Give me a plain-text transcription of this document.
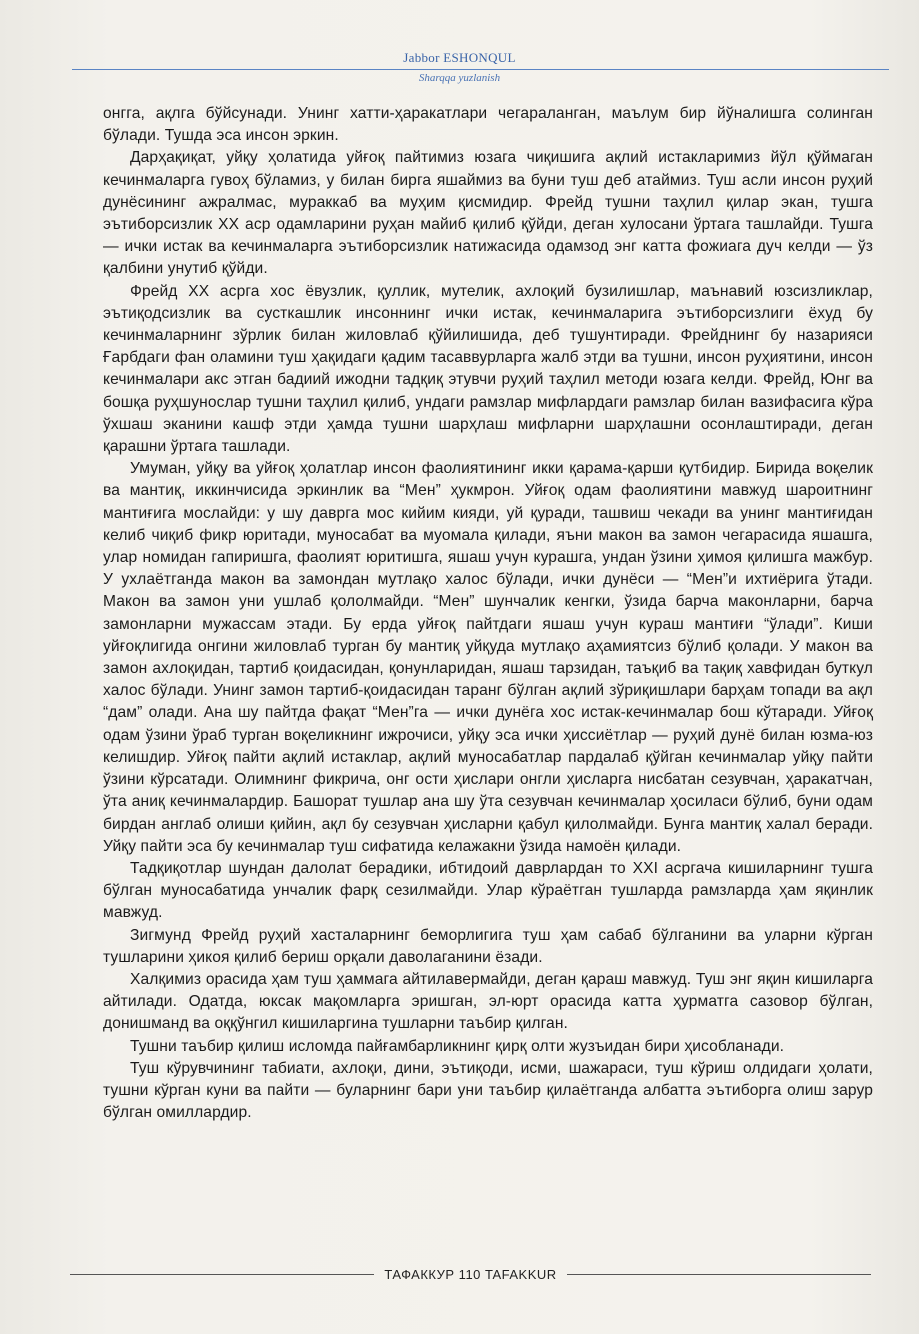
Jabbor ESHONQUL
Sharqqa yuzlanish

онгга, ақлга бўйсунади. Унинг хатти-ҳаракатлари чегараланган, маълум бир йўналишга солинган бўлади. Тушда эса инсон эркин.

Дарҳақиқат, уйқу ҳолатида уйғоқ пайтимиз юзага чиқишига ақлий истакларимиз йўл қўймаган кечинмаларга гувоҳ бўламиз, у билан бирга яшаймиз ва буни туш деб атаймиз. Туш асли инсон руҳий дунёсининг ажралмас, мураккаб ва муҳим қисмидир. Фрейд тушни таҳлил қилар экан, тушга эътиборсизлик XX аср одамларини руҳан майиб қилиб қўйди, деган хулосани ўртага ташлайди. Тушга — ички истак ва кечинмаларга эътиборсизлик натижасида одамзод энг катта фожиага дуч келди — ўз қалбини унутиб қўйди.

Фрейд XX асрга хос ёвузлик, қуллик, мутелик, ахлоқий бузилишлар, маънавий юзсизликлар, эътиқодсизлик ва сусткашлик инсоннинг ички истак, кечинмаларига эътиборсизлиги ёхуд бу кечинмаларнинг зўрлик билан жиловлаб қўйилишида, деб тушунтиради. Фрейднинг бу назарияси Ғарбдаги фан оламини туш ҳақидаги қадим тасаввурларга жалб этди ва тушни, инсон руҳиятини, инсон кечинмалари акс этган бадиий ижодни тадқиқ этувчи руҳий таҳлил методи юзага келди. Фрейд, Юнг ва бошқа руҳшунослар тушни таҳлил қилиб, ундаги рамзлар мифлардаги рамзлар билан вазифасига кўра ўхшаш эканини кашф этди ҳамда тушни шарҳлаш мифларни шарҳлашни осонлаштиради, деган қарашни ўртага ташлади.

Умуман, уйқу ва уйғоқ ҳолатлар инсон фаолиятининг икки қарама-қарши қутбидир. Бирида воқелик ва мантиқ, иккинчисида эркинлик ва “Мен” ҳукмрон. Уйғоқ одам фаолиятини мавжуд шароитнинг мантиғига мослайди: у шу даврга мос кийим кияди, уй қуради, ташвиш чекади ва унинг мантиғидан келиб чиқиб фикр юритади, муносабат ва муомала қилади, яъни макон ва замон чегарасида яшашга, улар номидан гапиришга, фаолият юритишга, яшаш учун курашга, ундан ўзини ҳимоя қилишга мажбур. У ухлаётганда макон ва замондан мутлақо халос бўлади, ички дунёси — “Мен”и ихтиёрига ўтади. Макон ва замон уни ушлаб қололмайди. “Мен” шунчалик кенгки, ўзида барча маконларни, барча замонларни мужассам этади. Бу ерда уйғоқ пайтдаги яшаш учун кураш мантиғи “ўлади”. Киши уйғоқлигида онгини жиловлаб турган бу мантиқ уйқуда мутлақо аҳамиятсиз бўлиб қолади. У макон ва замон ахлоқидан, тартиб қоидасидан, қонунларидан, яшаш тарзидан, таъқиб ва тақиқ хавфидан буткул халос бўлади. Унинг замон тартиб-қоидасидан таранг бўлган ақлий зўриқишлари барҳам топади ва ақл “дам” олади. Ана шу пайтда фақат “Мен”га — ички дунёга хос истак-кечинмалар бош кўтаради. Уйғоқ одам ўзини ўраб турган воқеликнинг ижрочиси, уйқу эса ички ҳиссиётлар — руҳий дунё билан юзма-юз келишдир. Уйғоқ пайти ақлий истаклар, ақлий муносабатлар пардалаб қўйган кечинмалар уйқу пайти ўзини кўрсатади. Олимнинг фикрича, онг ости ҳислари онгли ҳисларга нисбатан сезувчан, ҳаракатчан, ўта аниқ кечинмалардир. Башорат тушлар ана шу ўта сезувчан кечинмалар ҳосиласи бўлиб, буни одам бирдан англаб олиши қийин, ақл бу сезувчан ҳисларни қабул қилолмайди. Бунга мантиқ халал беради. Уйқу пайти эса бу кечинмалар туш сифатида келажакни ўзида намоён қилади.

Тадқиқотлар шундан далолат берадики, ибтидоий даврлардан то XXI асргача кишиларнинг тушга бўлган муносабатида унчалик фарқ сезилмайди. Улар кўраётган тушларда рамзларда ҳам яқинлик мавжуд.

Зигмунд Фрейд руҳий хасталарнинг беморлигига туш ҳам сабаб бўлганини ва уларни кўрган тушларини ҳикоя қилиб бериш орқали даволаганини ёзади.

Халқимиз орасида ҳам туш ҳаммага айтилавермайди, деган қараш мавжуд. Туш энг яқин кишиларга айтилади. Одатда, юксак мақомларга эришган, эл-юрт орасида катта ҳурматга сазовор бўлган, донишманд ва оққўнгил кишиларгина тушларни таъбир қилган.

Тушни таъбир қилиш исломда пайғамбарликнинг қирқ олти жузъидан бири ҳисобланади.

Туш кўрувчининг табиати, ахлоқи, дини, эътиқоди, исми, шажараси, туш кўриш олдидаги ҳолати, тушни кўрган куни ва пайти — буларнинг бари уни таъбир қилаётганда албатта эътиборга олиш зарур бўлган омиллардир.

ТАФАККУР 110 TAFAKKUR
